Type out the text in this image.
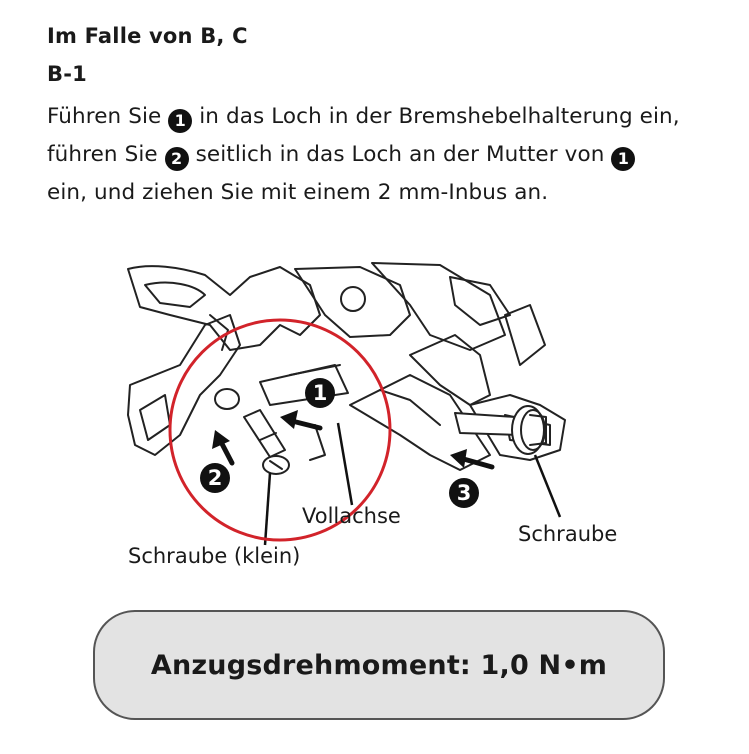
Im Falle von B, C
B-1
Führen Sie 1 in das Loch in der Bremshebelhalterung ein,
führen Sie 2 seitlich in das Loch an der Mutter von 1
ein, und ziehen Sie mit einem 2 mm-Inbus an.
1
2
3
Vollachse
Schraube
Schraube (klein)
Anzugsdrehmoment: 1,0 N•m
